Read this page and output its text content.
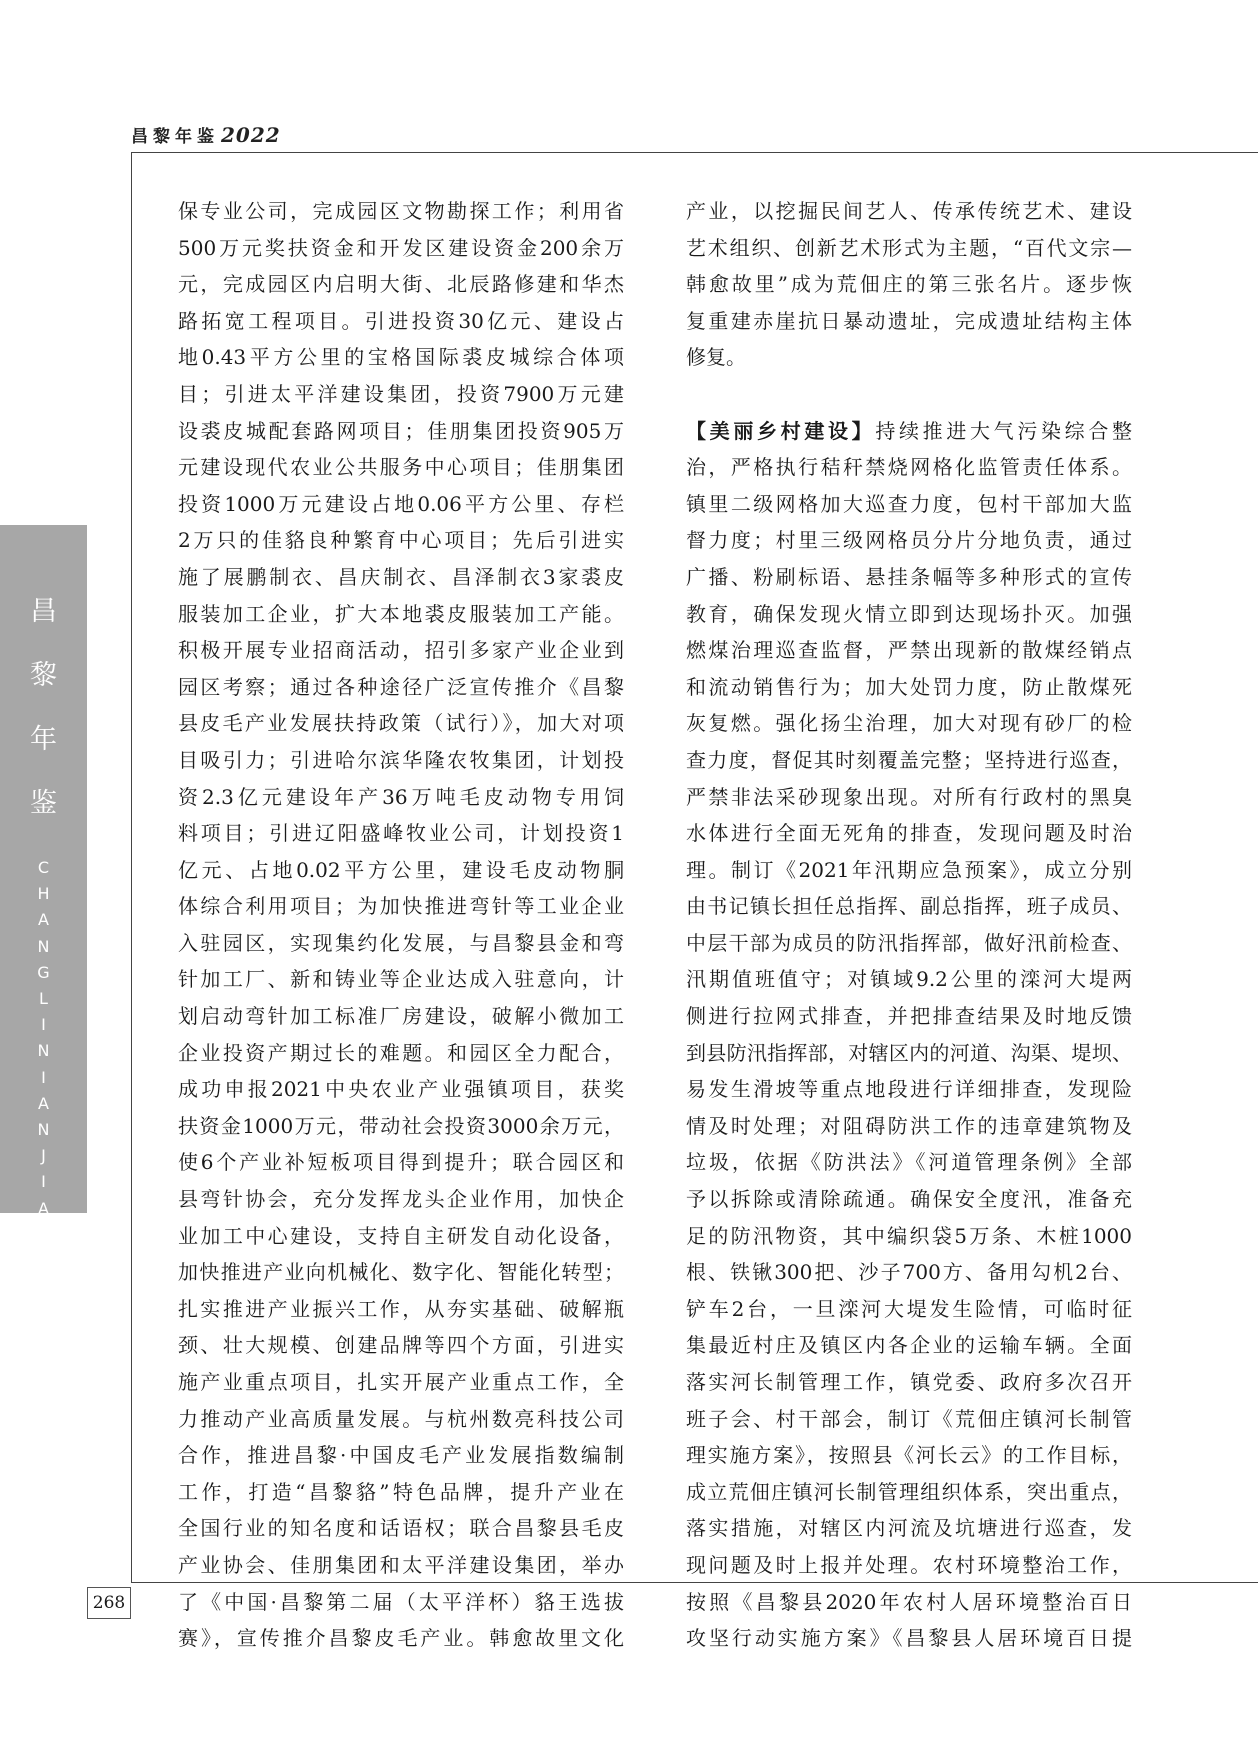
昌黎年鉴 2022
昌
黎
年
鉴
C
H
A
N
G
L
I
N
I
A
N
J
I
A
N
保专业公司，完成园区文物勘探工作；利用省
500万元奖扶资金和开发区建设资金200余万
元，完成园区内启明大街、北辰路修建和华杰
路拓宽工程项目。引进投资30亿元、建设占
地0.43平方公里的宝格国际裘皮城综合体项
目；引进太平洋建设集团，投资7900万元建
设裘皮城配套路网项目；佳朋集团投资905万
元建设现代农业公共服务中心项目；佳朋集团
投资1000万元建设占地0.06平方公里、存栏
2万只的佳貉良种繁育中心项目；先后引进实
施了展鹏制衣、昌庆制衣、昌泽制衣3家裘皮
服装加工企业，扩大本地裘皮服装加工产能。
积极开展专业招商活动，招引多家产业企业到
园区考察；通过各种途径广泛宣传推介《昌黎
县皮毛产业发展扶持政策（试行）》，加大对项
目吸引力；引进哈尔滨华隆农牧集团，计划投
资2.3亿元建设年产36万吨毛皮动物专用饲
料项目；引进辽阳盛峰牧业公司，计划投资1
亿元、占地0.02平方公里，建设毛皮动物胴
体综合利用项目；为加快推进弯针等工业企业
入驻园区，实现集约化发展，与昌黎县金和弯
针加工厂、新和铸业等企业达成入驻意向，计
划启动弯针加工标准厂房建设，破解小微加工
企业投资产期过长的难题。和园区全力配合，
成功申报2021中央农业产业强镇项目，获奖
扶资金1000万元，带动社会投资3000余万元，
使6个产业补短板项目得到提升；联合园区和
县弯针协会，充分发挥龙头企业作用，加快企
业加工中心建设，支持自主研发自动化设备，
加快推进产业向机械化、数字化、智能化转型；
扎实推进产业振兴工作，从夯实基础、破解瓶
颈、壮大规模、创建品牌等四个方面，引进实
施产业重点项目，扎实开展产业重点工作，全
力推动产业高质量发展。与杭州数亮科技公司
合作，推进昌黎·中国皮毛产业发展指数编制
工作，打造“昌黎貉”特色品牌，提升产业在
全国行业的知名度和话语权；联合昌黎县毛皮
产业协会、佳朋集团和太平洋建设集团，举办
了《中国·昌黎第二届（太平洋杯）貉王选拔
赛》，宣传推介昌黎皮毛产业。韩愈故里文化
产业，以挖掘民间艺人、传承传统艺术、建设
艺术组织、创新艺术形式为主题，“百代文宗—
韩愈故里”成为荒佃庄的第三张名片。逐步恢
复重建赤崖抗日暴动遗址，完成遗址结构主体
修复。
【美丽乡村建设】持续推进大气污染综合整
治，严格执行秸秆禁烧网格化监管责任体系。
镇里二级网格加大巡查力度，包村干部加大监
督力度；村里三级网格员分片分地负责，通过
广播、粉刷标语、悬挂条幅等多种形式的宣传
教育，确保发现火情立即到达现场扑灭。加强
燃煤治理巡查监督，严禁出现新的散煤经销点
和流动销售行为；加大处罚力度，防止散煤死
灰复燃。强化扬尘治理，加大对现有砂厂的检
查力度，督促其时刻覆盖完整；坚持进行巡查，
严禁非法采砂现象出现。对所有行政村的黑臭
水体进行全面无死角的排查，发现问题及时治
理。制订《2021年汛期应急预案》，成立分别
由书记镇长担任总指挥、副总指挥，班子成员、
中层干部为成员的防汛指挥部，做好汛前检查、
汛期值班值守；对镇域9.2公里的滦河大堤两
侧进行拉网式排查，并把排查结果及时地反馈
到县防汛指挥部，对辖区内的河道、沟渠、堤坝、
易发生滑坡等重点地段进行详细排查，发现险
情及时处理；对阻碍防洪工作的违章建筑物及
垃圾，依据《防洪法》《河道管理条例》全部
予以拆除或清除疏通。确保安全度汛，准备充
足的防汛物资，其中编织袋5万条、木桩1000
根、铁锹300把、沙子700方、备用勾机2台、
铲车2台，一旦滦河大堤发生险情，可临时征
集最近村庄及镇区内各企业的运输车辆。全面
落实河长制管理工作，镇党委、政府多次召开
班子会、村干部会，制订《荒佃庄镇河长制管
理实施方案》，按照县《河长云》的工作目标，
成立荒佃庄镇河长制管理组织体系，突出重点，
落实措施，对辖区内河流及坑塘进行巡查，发
现问题及时上报并处理。农村环境整治工作，
按照《昌黎县2020年农村人居环境整治百日
攻坚行动实施方案》《昌黎县人居环境百日提
268
